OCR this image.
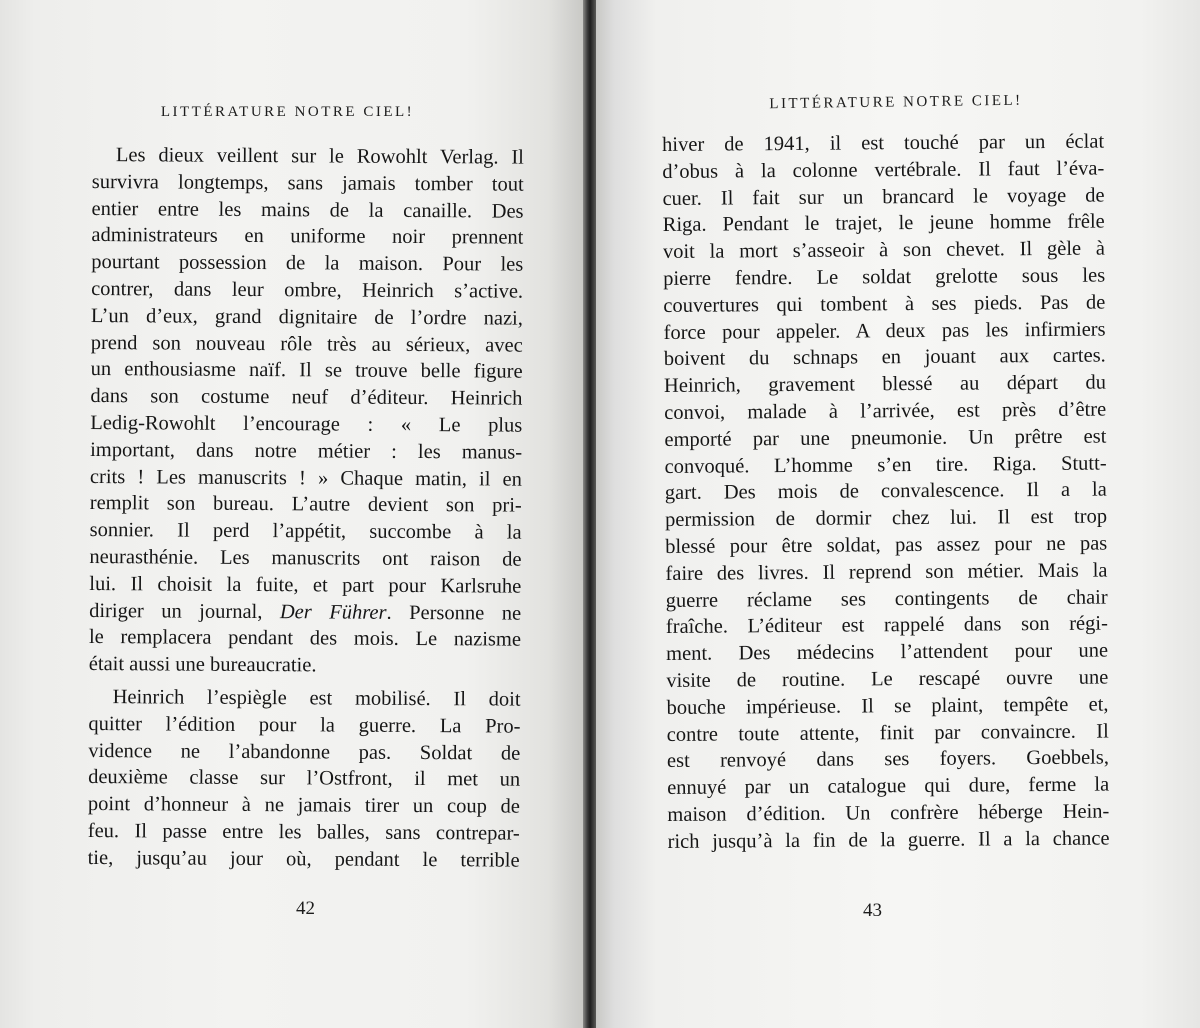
LITTÉRATURE NOTRE CIEL!
Les dieux veillent sur le Rowohlt Verlag. Il
survivra longtemps, sans jamais tomber tout
entier entre les mains de la canaille. Des
administrateurs en uniforme noir prennent
pourtant possession de la maison. Pour les
contrer, dans leur ombre, Heinrich s’active.
L’un d’eux, grand dignitaire de l’ordre nazi,
prend son nouveau rôle très au sérieux, avec
un enthousiasme naïf. Il se trouve belle figure
dans son costume neuf d’éditeur. Heinrich
Ledig-Rowohlt l’encourage : « Le plus
important, dans notre métier : les manus-
crits ! Les manuscrits ! » Chaque matin, il en
remplit son bureau. L’autre devient son pri-
sonnier. Il perd l’appétit, succombe à la
neurasthénie. Les manuscrits ont raison de
lui. Il choisit la fuite, et part pour Karlsruhe
diriger un journal, Der Führer. Personne ne
le remplacera pendant des mois. Le nazisme
était aussi une bureaucratie.
Heinrich l’espiègle est mobilisé. Il doit
quitter l’édition pour la guerre. La Pro-
vidence ne l’abandonne pas. Soldat de
deuxième classe sur l’Ostfront, il met un
point d’honneur à ne jamais tirer un coup de
feu. Il passe entre les balles, sans contrepar-
tie, jusqu’au jour où, pendant le terrible
42
LITTÉRATURE NOTRE CIEL!
hiver de 1941, il est touché par un éclat
d’obus à la colonne vertébrale. Il faut l’éva-
cuer. Il fait sur un brancard le voyage de
Riga. Pendant le trajet, le jeune homme frêle
voit la mort s’asseoir à son chevet. Il gèle à
pierre fendre. Le soldat grelotte sous les
couvertures qui tombent à ses pieds. Pas de
force pour appeler. A deux pas les infirmiers
boivent du schnaps en jouant aux cartes.
Heinrich, gravement blessé au départ du
convoi, malade à l’arrivée, est près d’être
emporté par une pneumonie. Un prêtre est
convoqué. L’homme s’en tire. Riga. Stutt-
gart. Des mois de convalescence. Il a la
permission de dormir chez lui. Il est trop
blessé pour être soldat, pas assez pour ne pas
faire des livres. Il reprend son métier. Mais la
guerre réclame ses contingents de chair
fraîche. L’éditeur est rappelé dans son régi-
ment. Des médecins l’attendent pour une
visite de routine. Le rescapé ouvre une
bouche impérieuse. Il se plaint, tempête et,
contre toute attente, finit par convaincre. Il
est renvoyé dans ses foyers. Goebbels,
ennuyé par un catalogue qui dure, ferme la
maison d’édition. Un confrère héberge Hein-
rich jusqu’à la fin de la guerre. Il a la chance
43
